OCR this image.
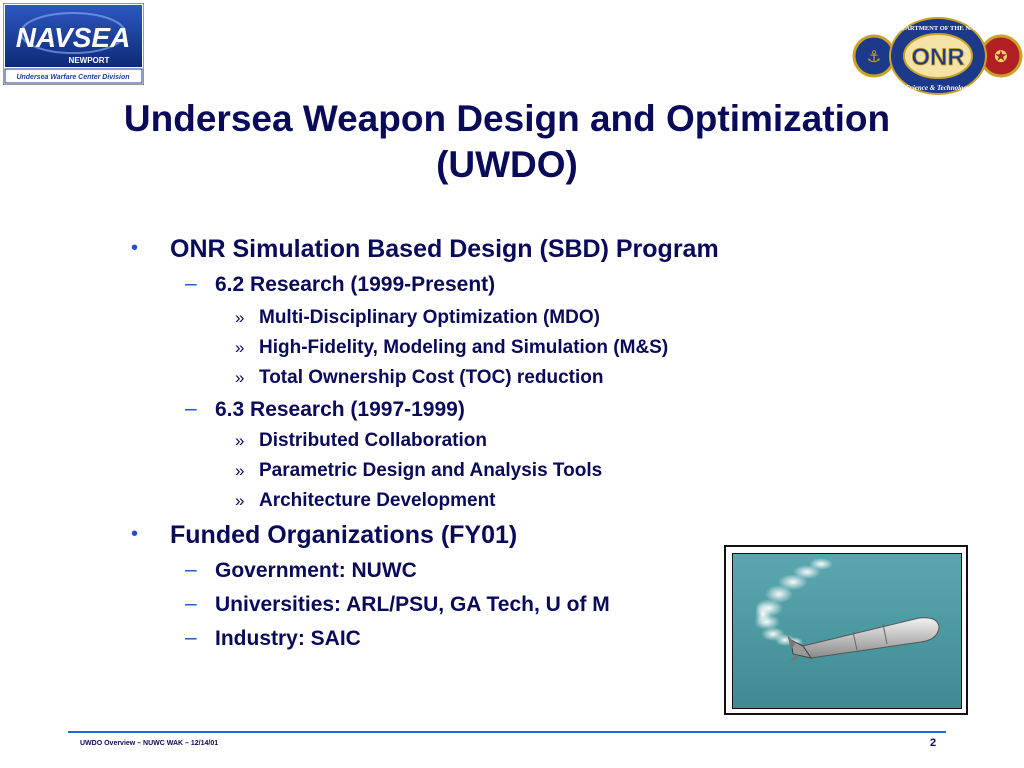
NAVSEA
NEWPORT
Undersea Warfare Center Division
⚓	✪
ONR
DEPARTMENT OF THE NAVY
Science & Technology
Undersea Weapon Design and Optimization
(UWDO)
• ONR Simulation Based Design (SBD) Program
– 6.2 Research (1999-Present)
» Multi-Disciplinary Optimization (MDO)
» High-Fidelity, Modeling and Simulation (M&S)
» Total Ownership Cost (TOC) reduction
– 6.3 Research (1997-1999)
» Distributed Collaboration
» Parametric Design and Analysis Tools
» Architecture Development
• Funded Organizations (FY01)
– Government: NUWC
– Universities: ARL/PSU, GA Tech, U of M
– Industry: SAIC
UWDO Overview – NUWC WAK – 12/14/01	2
